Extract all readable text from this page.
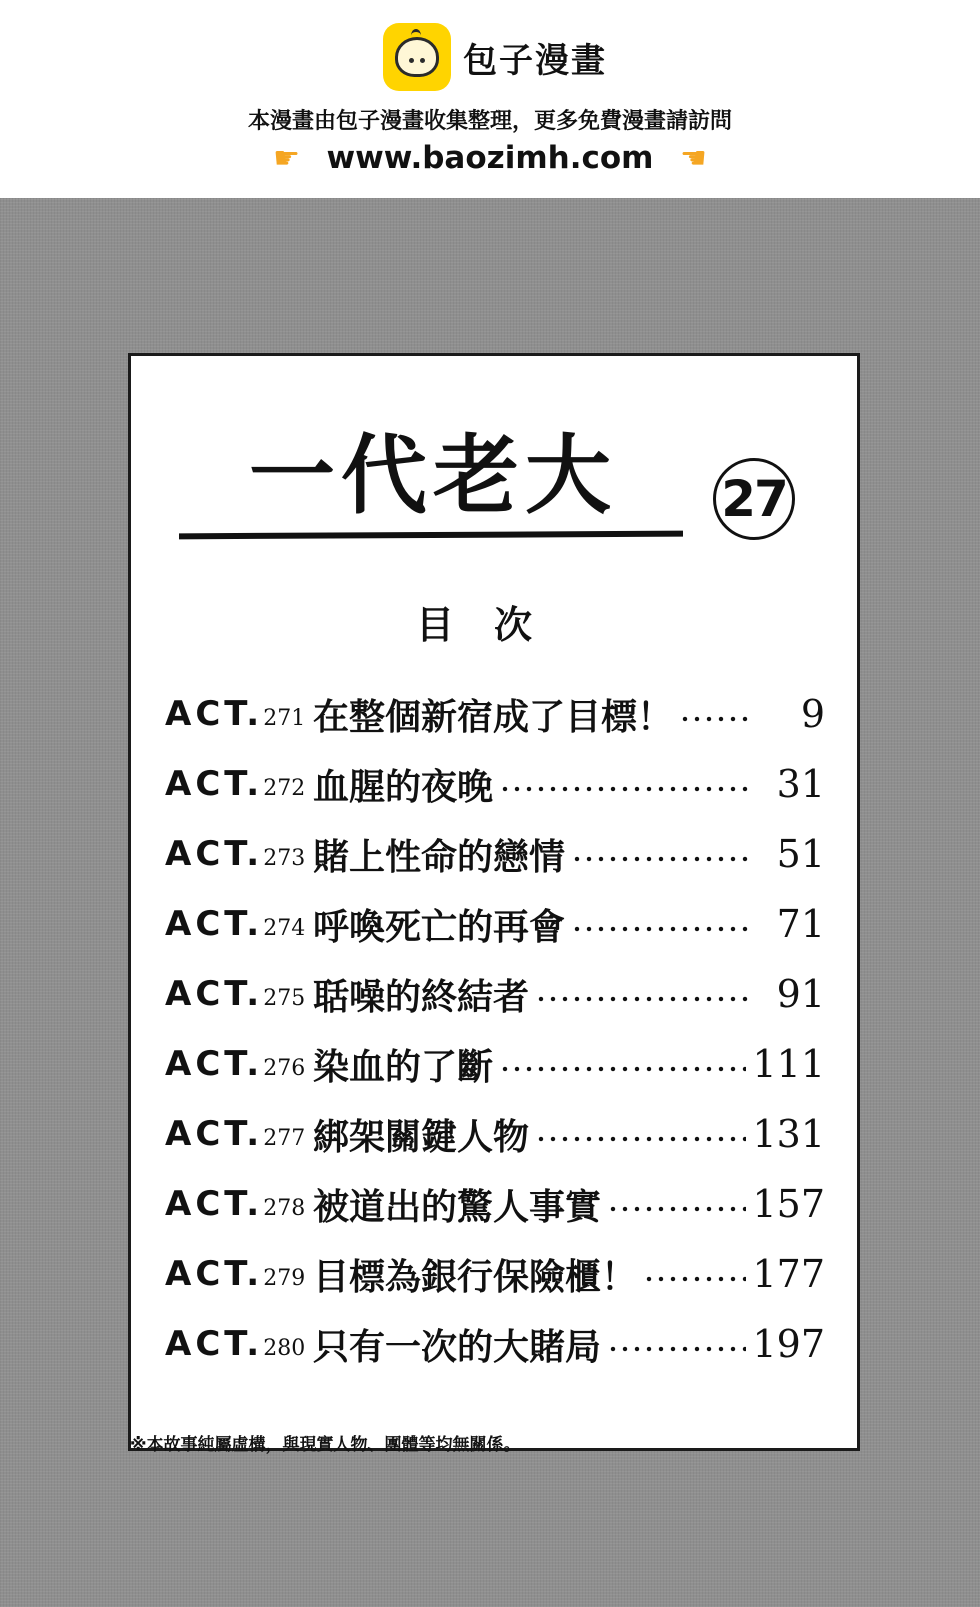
包子漫畫
本漫畫由包子漫畫收集整理，更多免費漫畫請訪問
☛ www.baozimh.com ☚
一代老大 27
目次
ACT.271 在整個新宿成了目標！	9
ACT.272 血腥的夜晚	31
ACT.273 賭上性命的戀情	51
ACT.274 呼喚死亡的再會	71
ACT.275 聒噪的終結者	91
ACT.276 染血的了斷	111
ACT.277 綁架關鍵人物	131
ACT.278 被道出的驚人事實	157
ACT.279 目標為銀行保險櫃！	177
ACT.280 只有一次的大賭局	197
※本故事純屬虛構，與現實人物、團體等均無關係。
